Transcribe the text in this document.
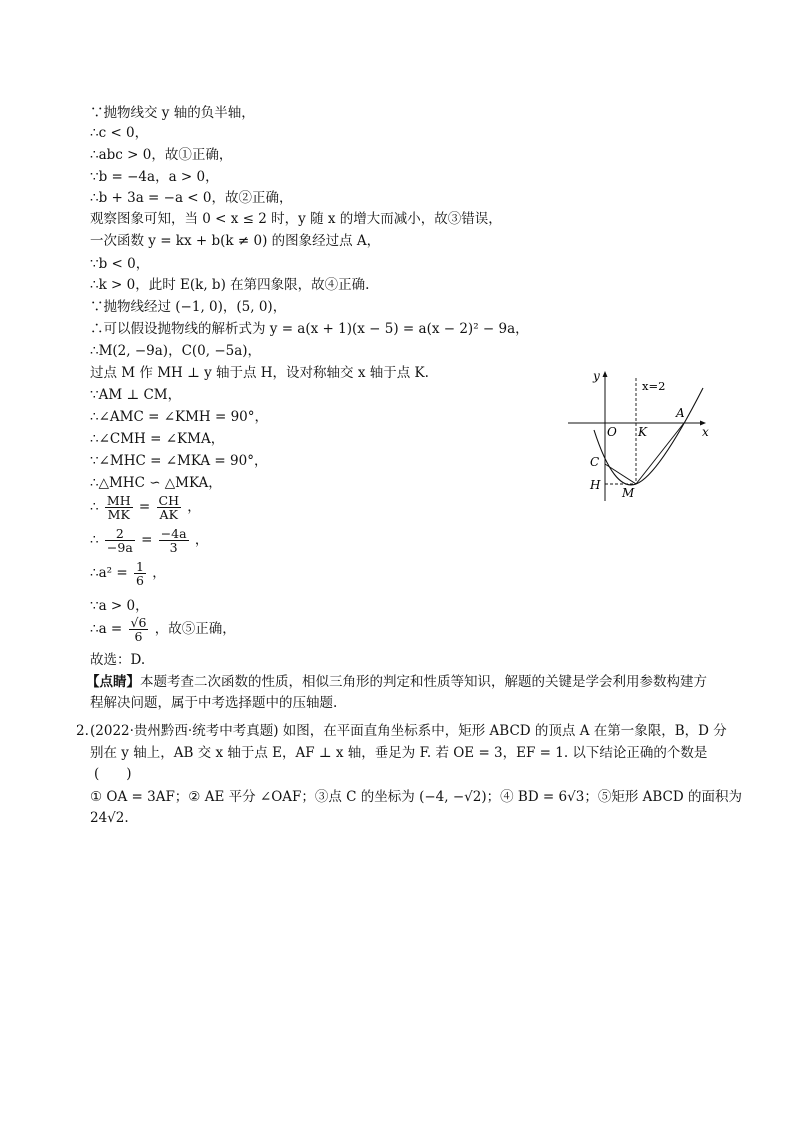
∵抛物线交 y 轴的负半轴，
∴c < 0，
∴abc > 0，故①正确，
∵b = −4a，a > 0，
∴b + 3a = −a < 0，故②正确，
观察图象可知，当 0 < x ≤ 2 时，y 随 x 的增大而减小，故③错误，
一次函数 y = kx + b(k ≠ 0) 的图象经过点 A，
∵b < 0，
∴k > 0，此时 E(k, b) 在第四象限，故④正确.
∵抛物线经过 (−1, 0)，(5, 0)，
∴可以假设抛物线的解析式为 y = a(x + 1)(x − 5) = a(x − 2)² − 9a，
∴M(2, −9a)，C(0, −5a)，
过点 M 作 MH ⊥ y 轴于点 H，设对称轴交 x 轴于点 K.
∵AM ⊥ CM，
∴∠AMC = ∠KMH = 90°，
∴∠CMH = ∠KMA，
∵∠MHC = ∠MKA = 90°，
∴△MHC ∽ △MKA，
∴ $\frac{MH}{MK} = \frac{CH}{AK}$ ，
∴ $\frac{2}{-9a} = \frac{-4a}{3}$ ，
∴a² = $\frac{1}{6}$ ，
∵a > 0，
∴a = $\frac{√6}{6}$ ，故⑤正确，
故选：D.
【点睛】本题考查二次函数的性质，相似三角形的判定和性质等知识，解题的关键是学会利用参数构建方
程解决问题，属于中考选择题中的压轴题.
2. (2022·贵州黔西·统考中考真题) 如图，在平面直角坐标系中，矩形 ABCD 的顶点 A 在第一象限，B，D 分
别在 y 轴上，AB 交 x 轴于点 E，AF ⊥ x 轴，垂足为 F. 若 OE = 3，EF = 1. 以下结论正确的个数是
(　　)
① OA = 3AF；② AE 平分 ∠OAF；③点 C 的坐标为 (−4, −√2)；④ BD = 6√3；⑤矩形 ABCD 的面积为
24√2.
y
x
x=2
O K
A
C
H
M
